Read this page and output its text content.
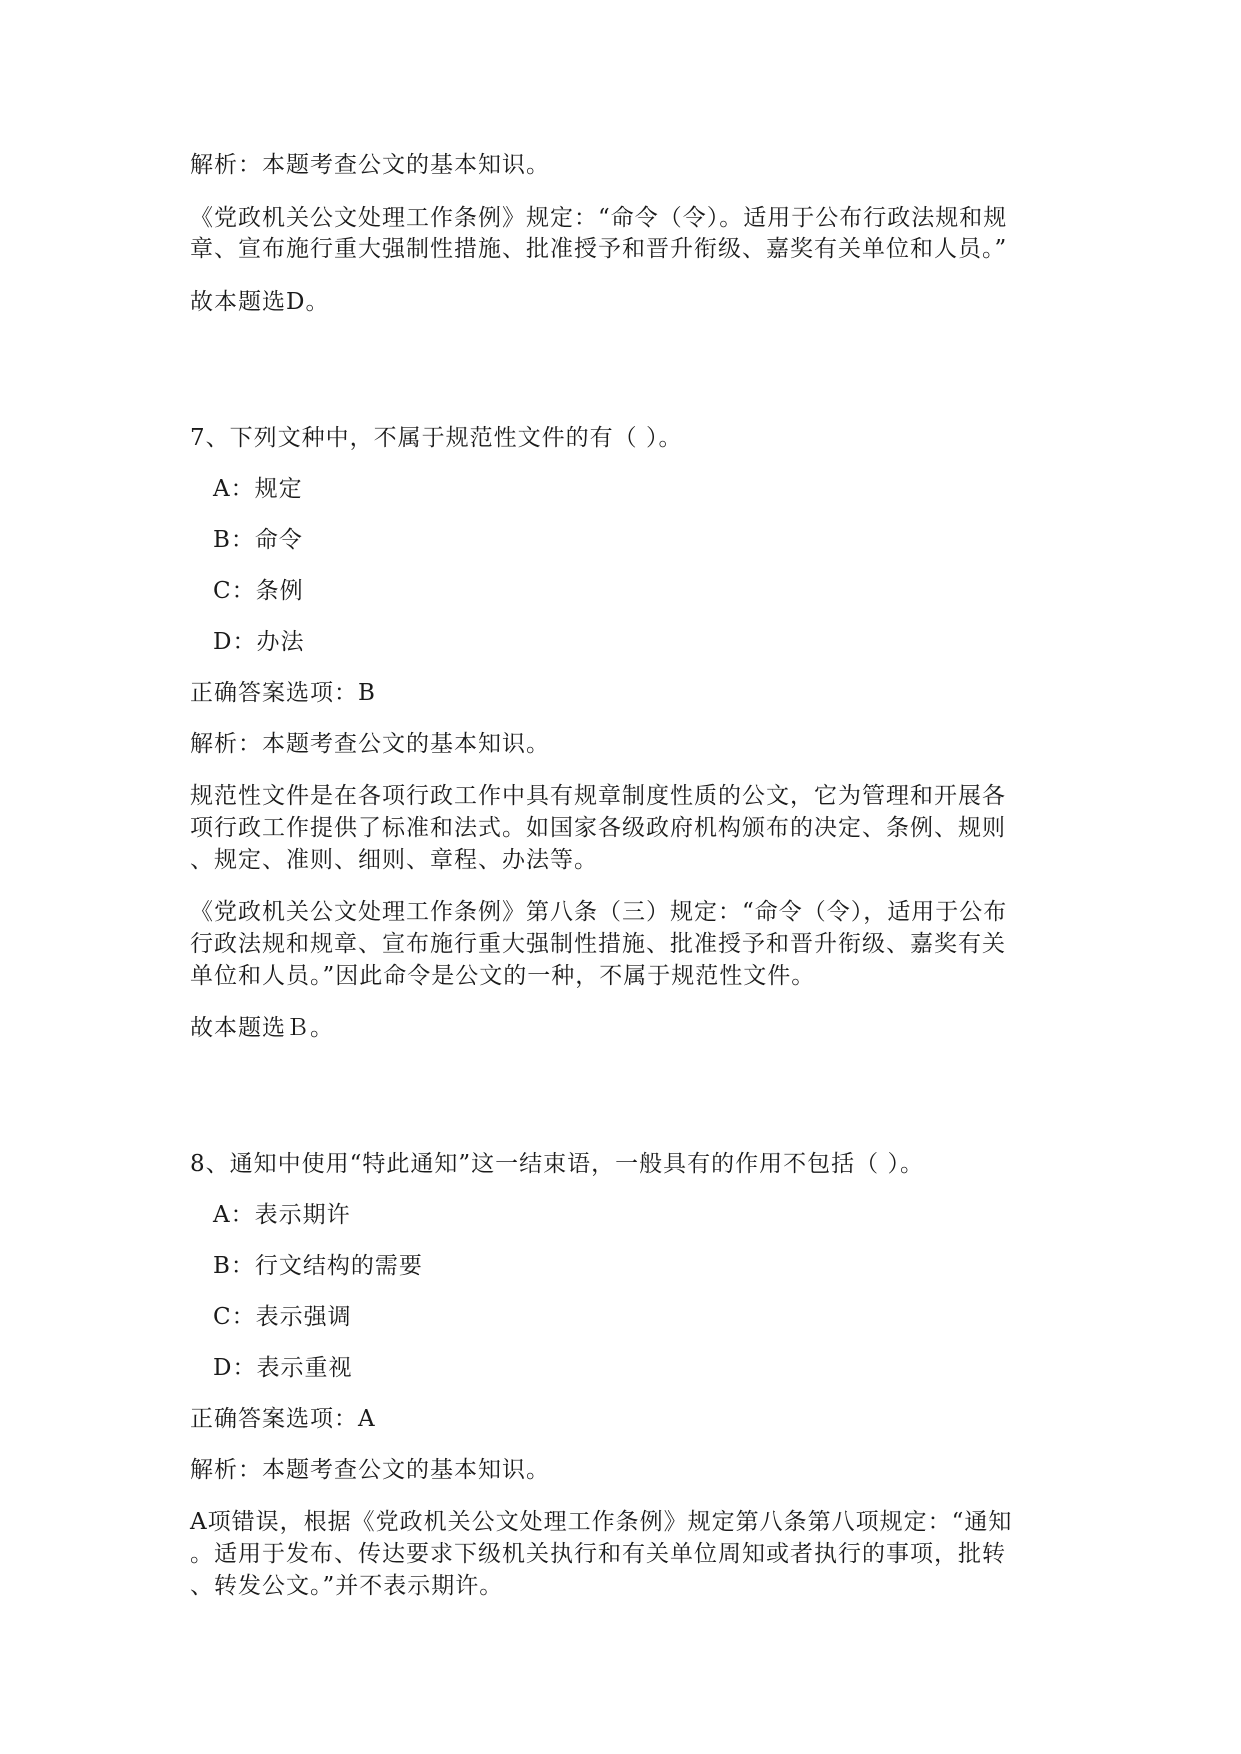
解析：本题考查公文的基本知识。
《党政机关公文处理工作条例》规定：“命令（令）。适用于公布行政法规和规
章、宣布施行重大强制性措施、批准授予和晋升衔级、嘉奖有关单位和人员。”
故本题选D。
7、下列文种中，不属于规范性文件的有（ ）。
A：规定
B：命令
C：条例
D：办法
正确答案选项：B
解析：本题考查公文的基本知识。
规范性文件是在各项行政工作中具有规章制度性质的公文，它为管理和开展各
项行政工作提供了标准和法式。如国家各级政府机构颁布的决定、条例、规则
、规定、准则、细则、章程、办法等。
《党政机关公文处理工作条例》第八条（三）规定：“命令（令），适用于公布
行政法规和规章、宣布施行重大强制性措施、批准授予和晋升衔级、嘉奖有关
单位和人员。”因此命令是公文的一种，不属于规范性文件。
故本题选Ｂ。
8、通知中使用“特此通知”这一结束语，一般具有的作用不包括（ ）。
A：表示期许
B：行文结构的需要
C：表示强调
D：表示重视
正确答案选项：A
解析：本题考查公文的基本知识。
A项错误，根据《党政机关公文处理工作条例》规定第八条第八项规定：“通知
。适用于发布、传达要求下级机关执行和有关单位周知或者执行的事项，批转
、转发公文。”并不表示期许。
